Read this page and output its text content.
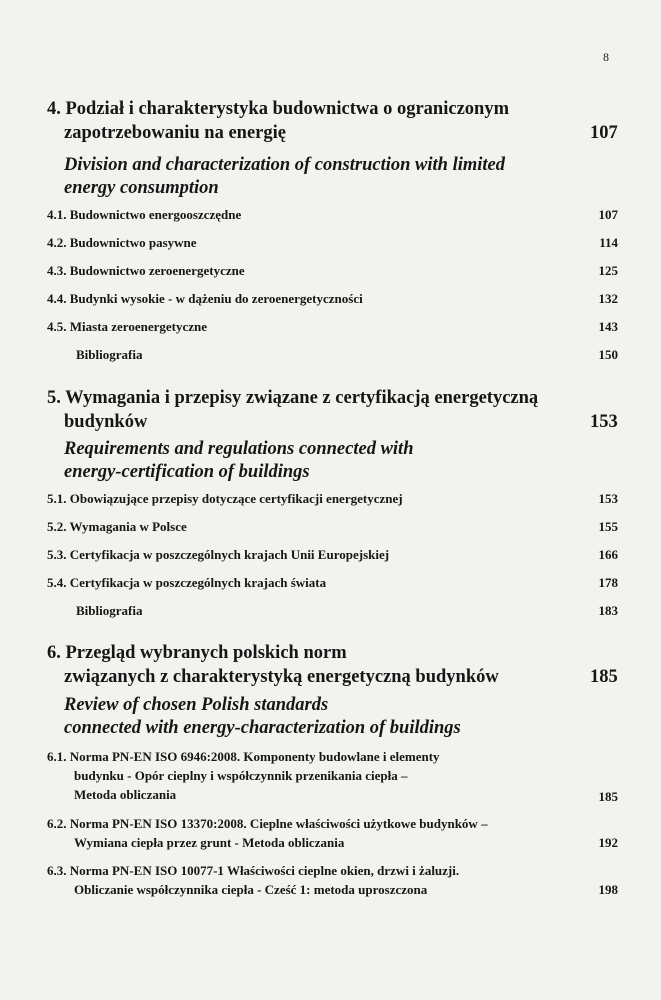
8
4. Podział i charakterystyka budownictwa o ograniczonym
zapotrzebowaniu na energię	107
Division and characterization of construction with limited
energy consumption
4.1. Budownictwo energooszczędne	107
4.2. Budownictwo pasywne	114
4.3. Budownictwo zeroenergetyczne	125
4.4. Budynki wysokie - w dążeniu do zeroenergetyczności	132
4.5. Miasta zeroenergetyczne	143
Bibliografia	150
5. Wymagania i przepisy związane z certyfikacją energetyczną
budynków	153
Requirements and regulations connected with
energy-certification of buildings
5.1. Obowiązujące przepisy dotyczące certyfikacji energetycznej	153
5.2. Wymagania w Polsce	155
5.3. Certyfikacja w poszczególnych krajach Unii Europejskiej	166
5.4. Certyfikacja w poszczególnych krajach świata	178
Bibliografia	183
6. Przegląd wybranych polskich norm
związanych z charakterystyką energetyczną budynków	185
Review of chosen Polish standards
connected with energy-characterization of buildings
6.1. Norma PN-EN ISO 6946:2008. Komponenty budowlane i elementy
budynku - Opór cieplny i współczynnik przenikania ciepła –
Metoda obliczania	185
6.2. Norma PN-EN ISO 13370:2008. Cieplne właściwości użytkowe budynków –
Wymiana ciepła przez grunt - Metoda obliczania	192
6.3. Norma PN-EN ISO 10077-1 Właściwości cieplne okien, drzwi i żaluzji.
Obliczanie współczynnika ciepła - Cześć 1: metoda uproszczona	198
